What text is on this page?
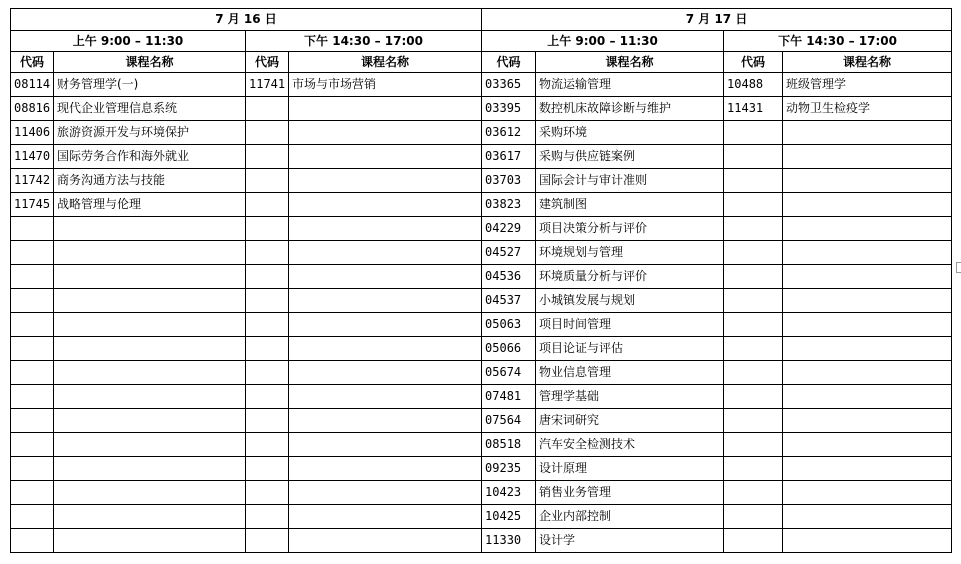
7 月 16 日				7 月 17 日			
上午 9:00 – 11:30		下午 14:30 – 17:00		上午 9:00 – 11:30		下午 14:30 – 17:00	
代码	课程名称	代码	课程名称	代码	课程名称	代码	课程名称
08114	财务管理学(一)	11741	市场与市场营销	03365	物流运输管理	10488	班级管理学
08816	现代企业管理信息系统			03395	数控机床故障诊断与维护	11431	动物卫生检疫学
11406	旅游资源开发与环境保护			03612	采购环境		
11470	国际劳务合作和海外就业			03617	采购与供应链案例		
11742	商务沟通方法与技能			03703	国际会计与审计准则		
11745	战略管理与伦理			03823	建筑制图		
				04229	项目决策分析与评价		
				04527	环境规划与管理		
				04536	环境质量分析与评价		
				04537	小城镇发展与规划		
				05063	项目时间管理		
				05066	项目论证与评估		
				05674	物业信息管理		
				07481	管理学基础		
				07564	唐宋词研究		
				08518	汽车安全检测技术		
				09235	设计原理		
				10423	销售业务管理		
				10425	企业内部控制		
				11330	设计学		
